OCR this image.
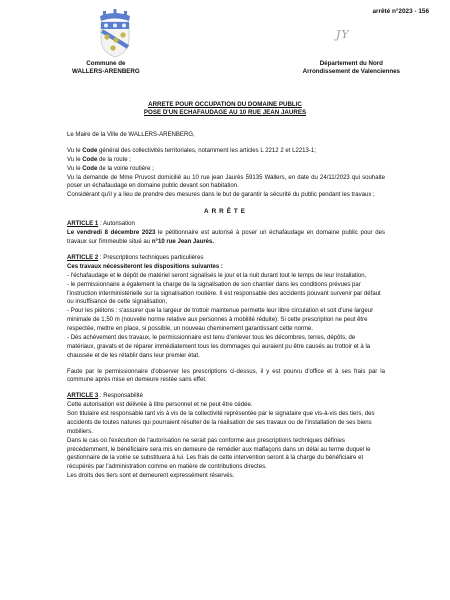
arrêté n°2023 - 156
JY
Commune de
WALLERS-ARENBERG
Département du Nord
Arrondissement de Valenciennes
ARRETE POUR OCCUPATION DU DOMAINE PUBLIC
POSE D'UN ECHAFAUDAGE AU 10 RUE JEAN JAURES

Le Maire de la Ville de WALLERS-ARENBERG,

Vu le Code général des collectivités territoriales, notamment les articles L 2212 2 et L2213-1;

Vu le Code de la route ;

Vu le Code de la voirie routière ;

Vu la demande de Mme Pruvost domicilié au 10 rue jean Jaurès 59135 Wallers, en date du 24/11/2023 qui souhaite poser un échafaudage en domaine public devant son habitation.

Considérant qu'il y a lieu de prendre des mesures dans le but de garantir la sécurité du public pendant les travaux ;

ARRÊTE

ARTICLE 1 : Autorisation

Le vendredi 8 décembre 2023 le pétitionnaire est autorisé à poser un échafaudage en domaine public pour des travaux sur l'immeuble situé au n°10 rue Jean Jaurès.

ARTICLE 2 : Prescriptions techniques particulières

Ces travaux nécessiteront les dispositions suivantes :

- l'échafaudage et le dépôt de matériel seront signalisés le jour et la nuit durant tout le temps de leur installation,

- le permissionnaire a également la charge de la signalisation de son chantier dans les conditions prévues par l'instruction interministérielle sur la signalisation routière. Il est responsable des accidents pouvant survenir par défaut ou insuffisance de cette signalisation,

- Pour les piétons : s'assurer que la largeur de trottoir maintenue permette leur libre circulation et soit d'une largeur minimale de 1,50 m (nouvelle norme relative aux personnes à mobilité réduite). Si cette prescription ne peut être respectée, mettre en place, si possible, un nouveau cheminement garantissant cette norme.

- Dès achèvement des travaux, le permissionnaire est tenu d'enlever tous les décombres, terres, dépôts, de matériaux, gravats et de réparer immédiatement tous les dommages qui auraient pu être causés au trottoir et à la chaussée et de les rétablir dans leur premier état.

Faute par le permissionnaire d'observer les prescriptions ci-dessus, il y est pourvu d'office et à ses frais par la commune après mise en demeure restée sans effet.

ARTICLE 3 : Responsabilité

Cette autorisation est délivrée à titre personnel et ne peut être cédée.

Son titulaire est responsable tant vis à vis de la collectivité représentée par le signataire que vis-à-vis des tiers, des accidents de toutes natures qui pourraient résulter de la réalisation de ses travaux ou de l'installation de ses biens mobiliers.

Dans le cas où l'exécution de l'autorisation ne serait pas conforme aux prescriptions techniques définies précédemment, le bénéficiaire sera mis en demeure de remédier aux malfaçons dans un délai au terme duquel le gestionnaire de la voirie se substituera à lui. Les frais de cette intervention seront à la charge du bénéficiaire et récupérés par l'administration comme en matière de contributions directes.

Les droits des tiers sont et demeurent expressément réservés.
